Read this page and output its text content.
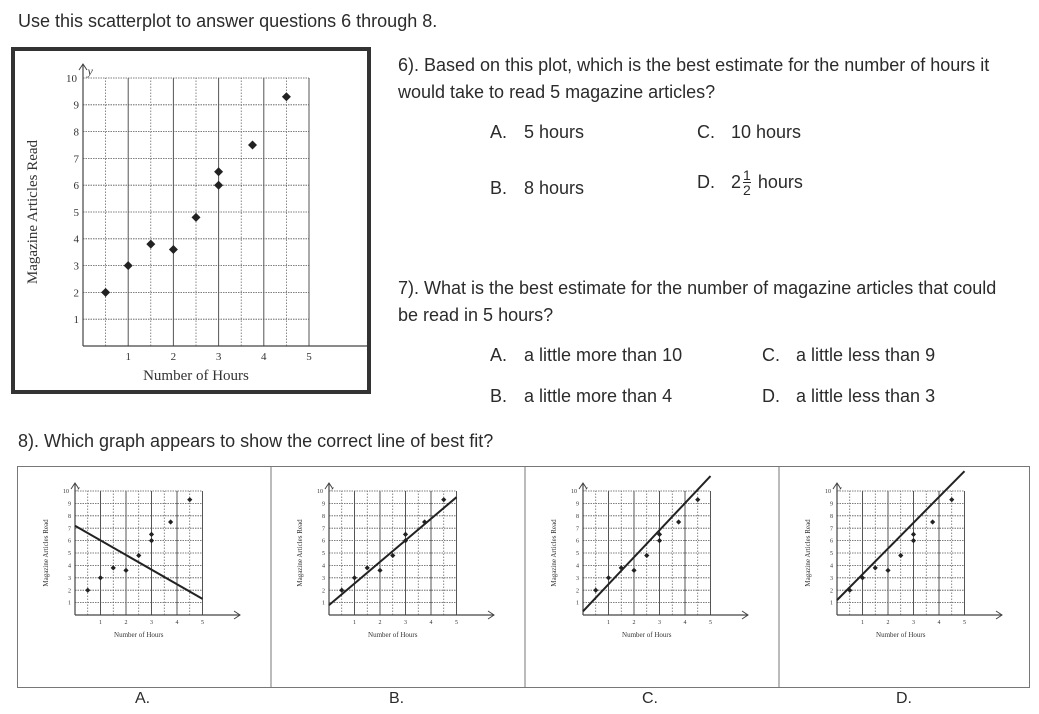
Use this scatterplot to answer questions 6 through 8.
1	2	3	4	5
1
2
3
4
5
6
7
8
9
10
Number of Hours
Magazine Articles Read
y	6). Based on this plot, which is the best estimate for the number of hours it would take to read 5 magazine articles?
A. 5 hours	C. 10 hours
B. 8 hours	D. $2 \frac{1}{2}$ hours
7). What is the best estimate for the number of magazine articles that could be read in 5 hours?
A. a little more than 10	C. a little less than 9
B. a little more than 4	D. a little less than 3
8). Which graph appears to show the correct line of best fit?
1	2	3	4	5
1
2
3
4
5
6
7
8
9
10
Number of Hours
Magazine Articles Read
y
1	2	3	4	5
1
2
3
4
5
6
7
8
9
10
Number of Hours
Magazine Articles Read
y
1	2	3	4	5
1
2
3
4
5
6
7
8
9
10
Number of Hours
Magazine Articles Read
y
1	2	3	4	5
1
2
3
4
5
6
7
8
9
10
Number of Hours
Magazine Articles Read
y
A.	B.	C.	D.
